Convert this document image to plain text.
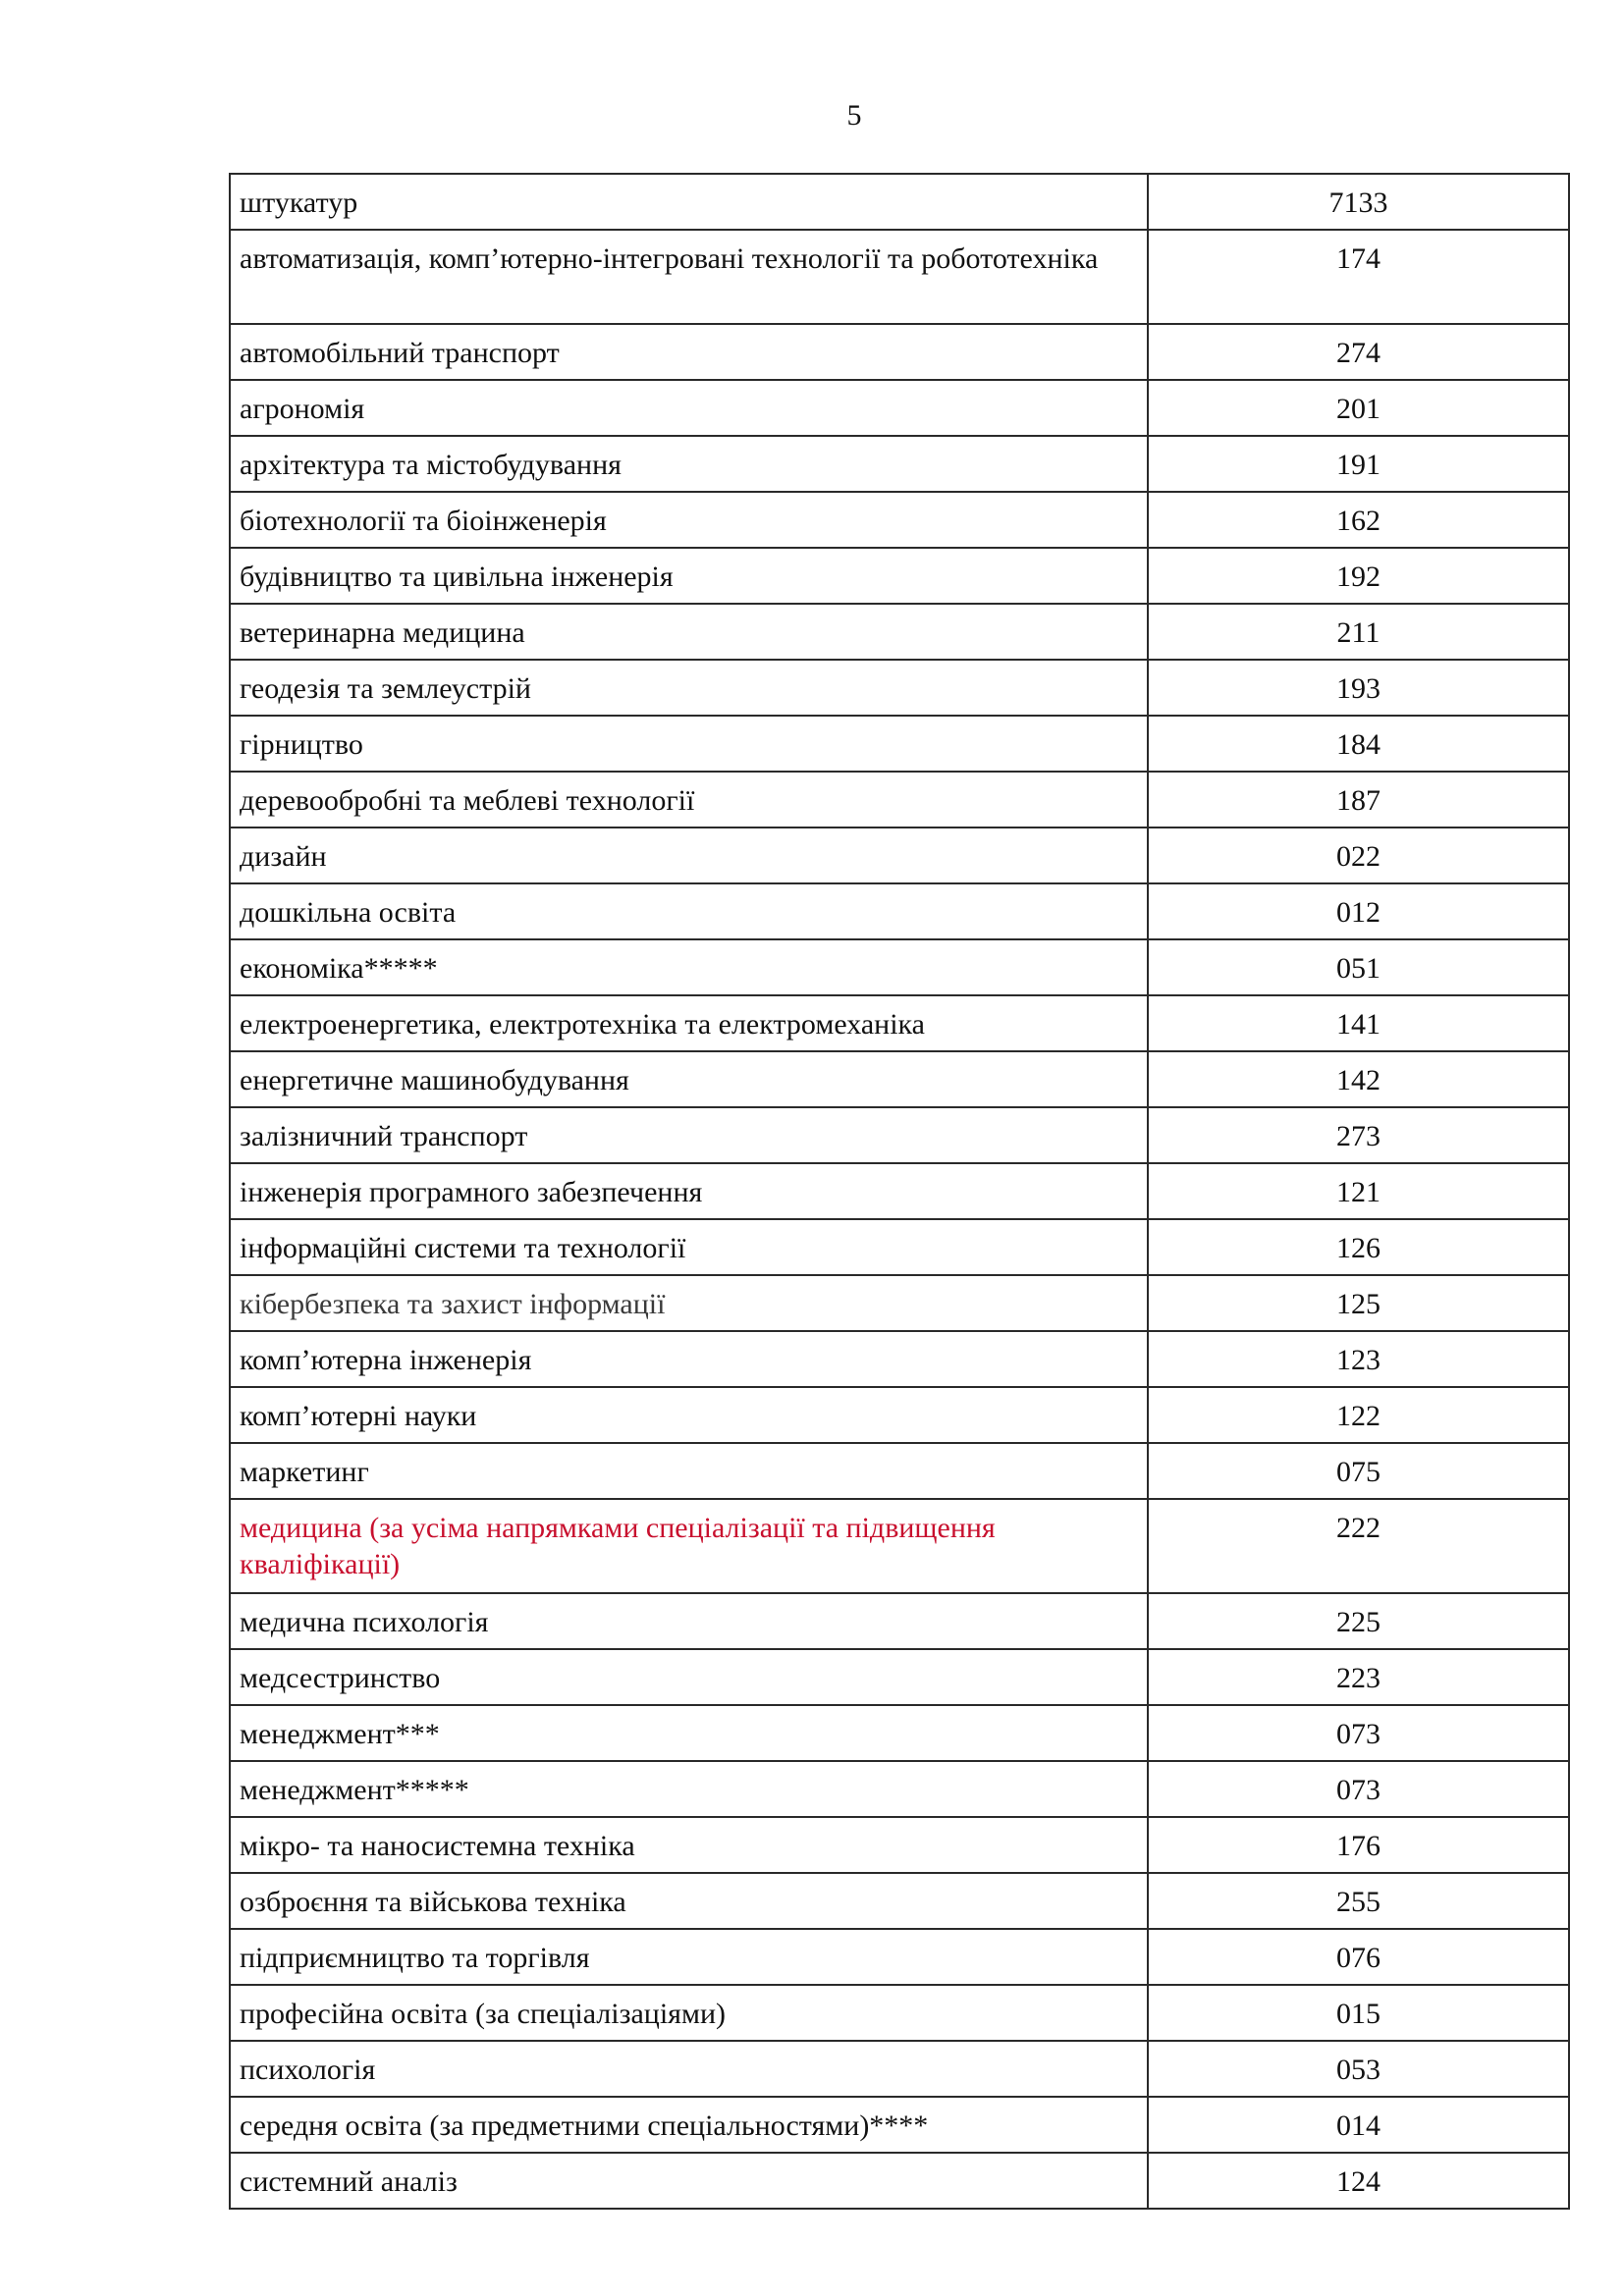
5
штукатур	7133
автоматизація, комп’ютерно-інтегровані технології та робототехніка	174
автомобільний транспорт	274
агрономія	201
архітектура та містобудування	191
біотехнології та біоінженерія	162
будівництво та цивільна інженерія	192
ветеринарна медицина	211
геодезія та землеустрій	193
гірництво	184
деревообробні та меблеві технології	187
дизайн	022
дошкільна освіта	012
економіка*****	051
електроенергетика, електротехніка та електромеханіка	141
енергетичне машинобудування	142
залізничний транспорт	273
інженерія програмного забезпечення	121
інформаційні системи та технології	126
кібербезпека та захист інформації	125
комп’ютерна інженерія	123
комп’ютерні науки	122
маркетинг	075
медицина (за усіма напрямками спеціалізації та підвищення кваліфікації)	222
медична психологія	225
медсестринство	223
менеджмент***	073
менеджмент*****	073
мікро- та наносистемна техніка	176
озброєння та військова техніка	255
підприємництво та торгівля	076
професійна освіта (за спеціалізаціями)	015
психологія	053
середня освіта (за предметними спеціальностями)****	014
системний аналіз	124
